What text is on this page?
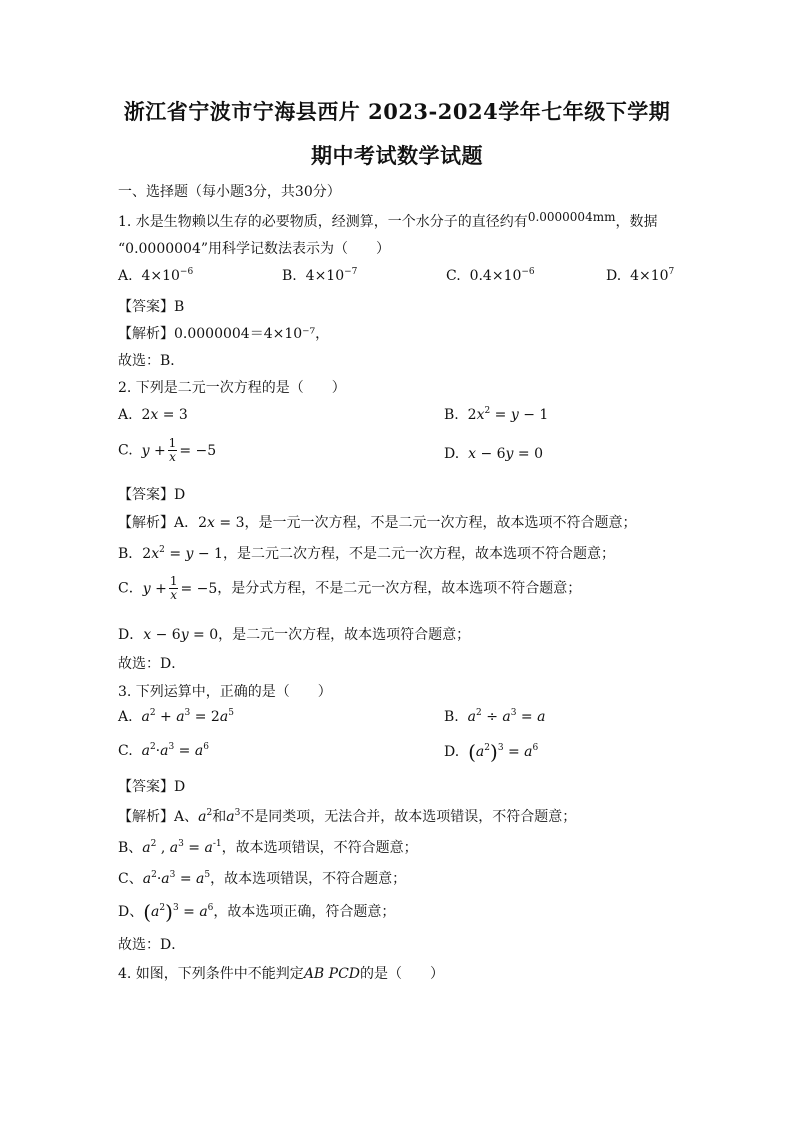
浙江省宁波市宁海县西片 2023-2024学年七年级下学期
期中考试数学试题
一、选择题（每小题3分，共30分）
1. 水是生物赖以生存的必要物质，经测算，一个水分子的直径约有0.0000004mm，数据
“0.0000004”用科学记数法表示为（　　）
A. $4\times 10^{-6}$	B. $4\times 10^{-7}$	C. $0.4\times 10^{-6}$	D. $4\times 10^7$
【答案】B
【解析】0.0000004＝4×10⁻⁷，
故选：B．
2. 下列是二元一次方程的是（　　）
A. 2x = 3	B. $2x^2 = y - 1$
C. $y + \frac{1}{x} = -5$	D. x − 6y = 0
【答案】D
【解析】A．2x = 3，是一元一次方程，不是二元一次方程，故本选项不符合题意；
B．$2x^2 = y - 1$，是二元二次方程，不是二元一次方程，故本选项不符合题意；
C．$y + \frac{1}{x} = -5$，是分式方程，不是二元一次方程，故本选项不符合题意；
D．x − 6y = 0，是二元一次方程，故本选项符合题意；
故选：D．
3. 下列运算中，正确的是（　　）
A. $a^2 + a^3 = 2a^5$	B. $a^2 \div a^3 = a$
C. $a^2\cdot a^3 = a^6$	D. $(a^2)^3 = a^6$
【答案】D
【解析】A、$a^2$和$a^3$不是同类项，无法合并，故本选项错误，不符合题意；
B、$a^2$ , $a^3 = a^{-1}$，故本选项错误，不符合题意；
C、$a^2\cdot a^3 = a^5$，故本选项错误，不符合题意；
D、$(a^2)^3 = a^6$，故本选项正确，符合题意；
故选：D．
4. 如图，下列条件中不能判定AB PCD的是（　　）
